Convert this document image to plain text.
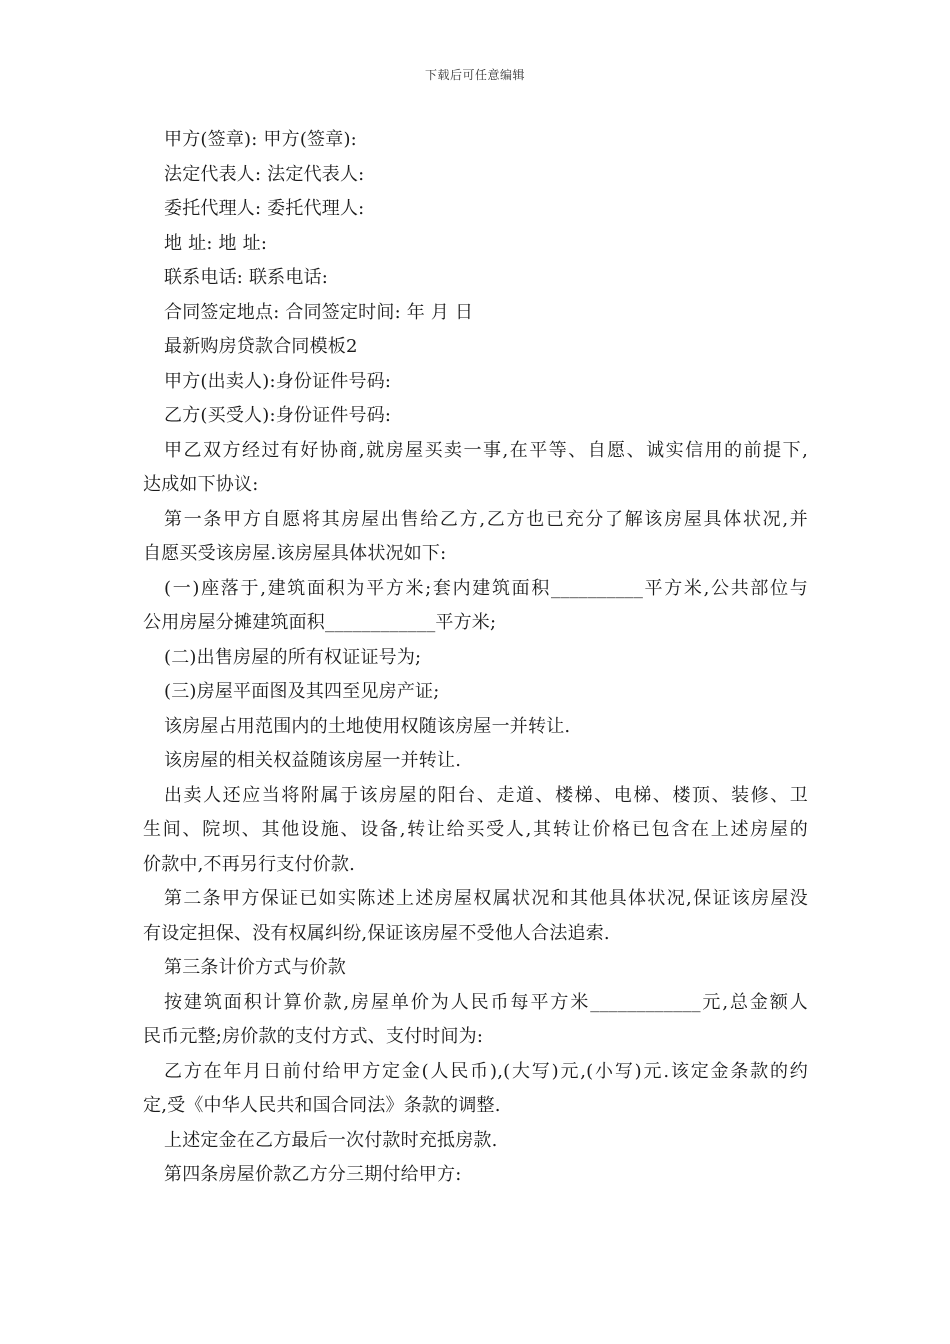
下载后可任意编辑
甲方(签章): 甲方(签章):
法定代表人: 法定代表人:
委托代理人: 委托代理人:
地 址: 地 址:
联系电话: 联系电话:
合同签定地点: 合同签定时间: 年 月 日
最新购房贷款合同模板2
甲方(出卖人):身份证件号码:
乙方(买受人):身份证件号码:
甲乙双方经过有好协商,就房屋买卖一事,在平等、自愿、诚实信用的前提下,
达成如下协议:
第一条甲方自愿将其房屋出售给乙方,乙方也已充分了解该房屋具体状况,并
自愿买受该房屋.该房屋具体状况如下:
(一)座落于,建筑面积为平方米;套内建筑面积__________平方米,公共部位与
公用房屋分摊建筑面积____________平方米;
(二)出售房屋的所有权证证号为;
(三)房屋平面图及其四至见房产证;
该房屋占用范围内的土地使用权随该房屋一并转让.
该房屋的相关权益随该房屋一并转让.
出卖人还应当将附属于该房屋的阳台、走道、楼梯、电梯、楼顶、装修、卫
生间、院坝、其他设施、设备,转让给买受人,其转让价格已包含在上述房屋的
价款中,不再另行支付价款.
第二条甲方保证已如实陈述上述房屋权属状况和其他具体状况,保证该房屋没
有设定担保、没有权属纠纷,保证该房屋不受他人合法追索.
第三条计价方式与价款
按建筑面积计算价款,房屋单价为人民币每平方米____________元,总金额人
民币元整;房价款的支付方式、支付时间为:
乙方在年月日前付给甲方定金(人民币),(大写)元,(小写)元.该定金条款的约
定,受《中华人民共和国合同法》条款的调整.
上述定金在乙方最后一次付款时充抵房款.
第四条房屋价款乙方分三期付给甲方:
